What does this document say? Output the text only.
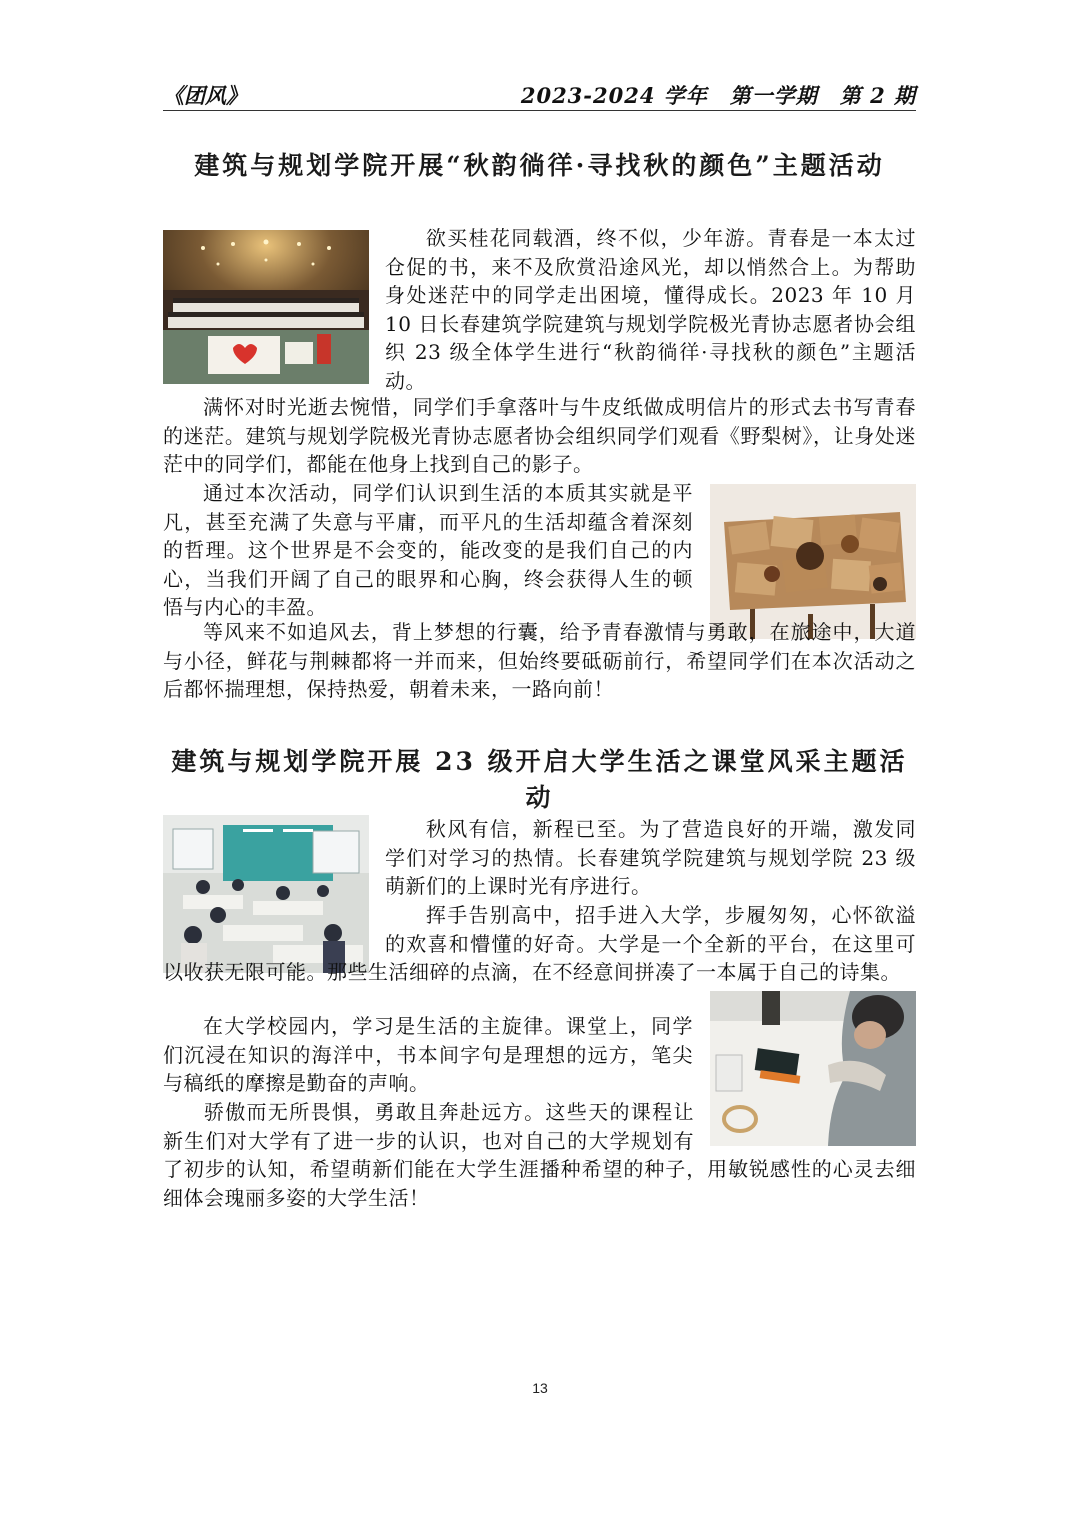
《团风》	2023-2024 学年 第一学期 第 2 期
建筑与规划学院开展“秋韵徜徉·寻找秋的颜色”主题活动

欲买桂花同载酒，终不似，少年游。青春是一本太过仓促的书，来不及欣赏沿途风光，却以悄然合上。为帮助身处迷茫中的同学走出困境，懂得成长。2023 年 10 月 10 日长春建筑学院建筑与规划学院极光青协志愿者协会组织 23 级全体学生进行“秋韵徜徉·寻找秋的颜色”主题活动。

满怀对时光逝去惋惜，同学们手拿落叶与牛皮纸做成明信片的形式去书写青春的迷茫。建筑与规划学院极光青协志愿者协会组织同学们观看《野梨树》，让身处迷茫中的同学们，都能在他身上找到自己的影子。

通过本次活动，同学们认识到生活的本质其实就是平凡，甚至充满了失意与平庸，而平凡的生活却蕴含着深刻的哲理。这个世界是不会变的，能改变的是我们自己的内心，当我们开阔了自己的眼界和心胸，终会获得人生的顿悟与内心的丰盈。

等风来不如追风去，背上梦想的行囊，给予青春激情与勇敢，在旅途中，大道与小径，鲜花与荆棘都将一并而来，但始终要砥砺前行，希望同学们在本次活动之后都怀揣理想，保持热爱，朝着未来，一路向前！

建筑与规划学院开展 23 级开启大学生活之课堂风采主题活动

秋风有信，新程已至。为了营造良好的开端，激发同学们对学习的热情。长春建筑学院建筑与规划学院 23 级萌新们的上课时光有序进行。

挥手告别高中，招手进入大学，步履匆匆，心怀欲溢的欢喜和懵懂的好奇。大学是一个全新的平台，在这里可以收获无限可能。那些生活细碎的点滴，在不经意间拼凑了一本属于自己的诗集。

在大学校园内，学习是生活的主旋律。课堂上，同学们沉浸在知识的海洋中，书本间字句是理想的远方，笔尖与稿纸的摩擦是勤奋的声响。

骄傲而无所畏惧，勇敢且奔赴远方。这些天的课程让新生们对大学有了进一步的认识，也对自己的大学规划有了初步的认知，希望萌新们能在大学生涯播种希望的种子，用敏锐感性的心灵去细细体会瑰丽多姿的大学生活！

13
